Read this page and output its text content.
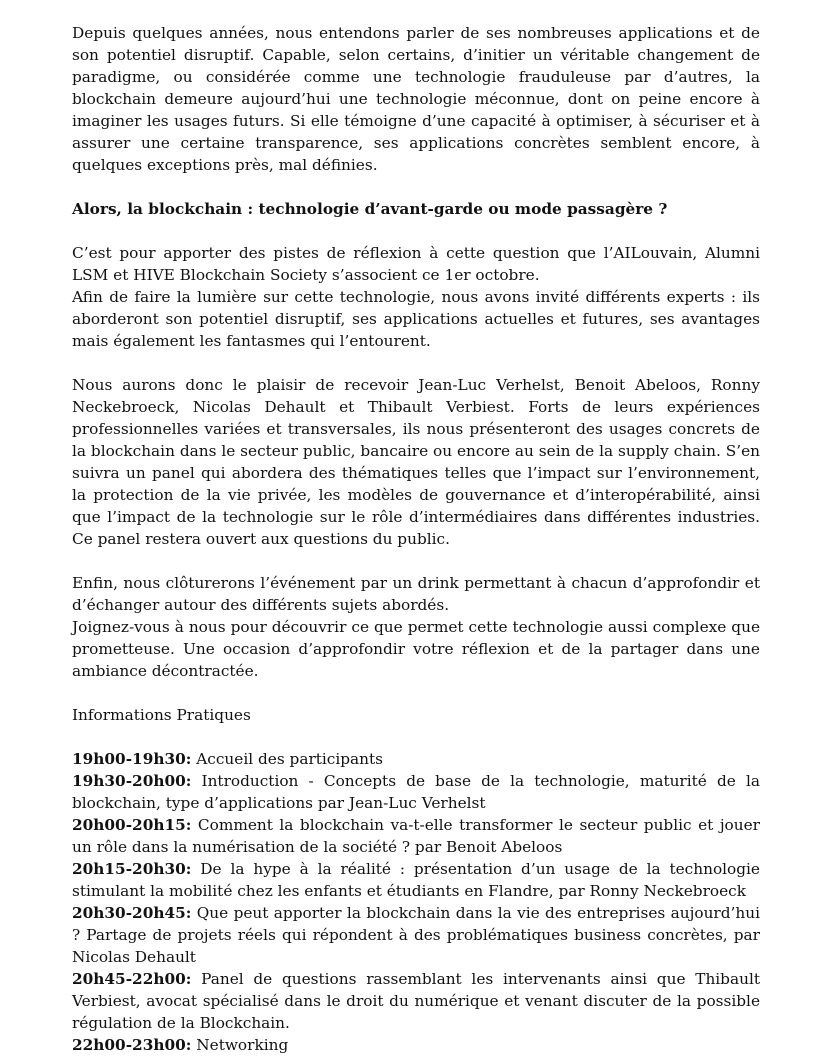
Depuis quelques années, nous entendons parler de ses nombreuses applications et de son potentiel disruptif. Capable, selon certains, d’initier un véritable changement de paradigme, ou considérée comme une technologie frauduleuse par d’autres, la blockchain demeure aujourd’hui une technologie méconnue, dont on peine encore à imaginer les usages futurs. Si elle témoigne d’une capacité à optimiser, à sécuriser et à assurer une certaine transparence, ses applications concrètes semblent encore, à quelques exceptions près, mal définies.

Alors, la blockchain : technologie d’avant-garde ou mode passagère ?

C’est pour apporter des pistes de réflexion à cette question que l’AILouvain, Alumni LSM et HIVE Blockchain Society s’associent ce 1er octobre.

Afin de faire la lumière sur cette technologie, nous avons invité différents experts : ils aborderont son potentiel disruptif, ses applications actuelles et futures, ses avantages mais également les fantasmes qui l’entourent.

Nous aurons donc le plaisir de recevoir Jean-Luc Verhelst, Benoit Abeloos, Ronny Neckebroeck, Nicolas Dehault et Thibault Verbiest. Forts de leurs expériences professionnelles variées et transversales, ils nous présenteront des usages concrets de la blockchain dans le secteur public, bancaire ou encore au sein de la supply chain. S’en suivra un panel qui abordera des thématiques telles que l’impact sur l’environnement, la protection de la vie privée, les modèles de gouvernance et d’interopérabilité, ainsi que l’impact de la technologie sur le rôle d’intermédiaires dans différentes industries. Ce panel restera ouvert aux questions du public.

Enfin, nous clôturerons l’événement par un drink permettant à chacun d’approfondir et d’échanger autour des différents sujets abordés.

Joignez-vous à nous pour découvrir ce que permet cette technologie aussi complexe que prometteuse. Une occasion d’approfondir votre réflexion et de la partager dans une ambiance décontractée.

Informations Pratiques

19h00-19h30: Accueil des participants
19h30-20h00: Introduction - Concepts de base de la technologie, maturité de la blockchain, type d’applications par Jean-Luc Verhelst
20h00-20h15: Comment la blockchain va-t-elle transformer le secteur public et jouer un rôle dans la numérisation de la société ? par Benoit Abeloos
20h15-20h30: De la hype à la réalité : présentation d’un usage de la technologie stimulant la mobilité chez les enfants et étudiants en Flandre, par Ronny Neckebroeck
20h30-20h45: Que peut apporter la blockchain dans la vie des entreprises aujourd’hui ? Partage de projets réels qui répondent à des problématiques business concrètes, par Nicolas Dehault
20h45-22h00: Panel de questions rassemblant les intervenants ainsi que Thibault Verbiest, avocat spécialisé dans le droit du numérique et venant discuter de la possible régulation de la Blockchain.
22h00-23h00: Networking
